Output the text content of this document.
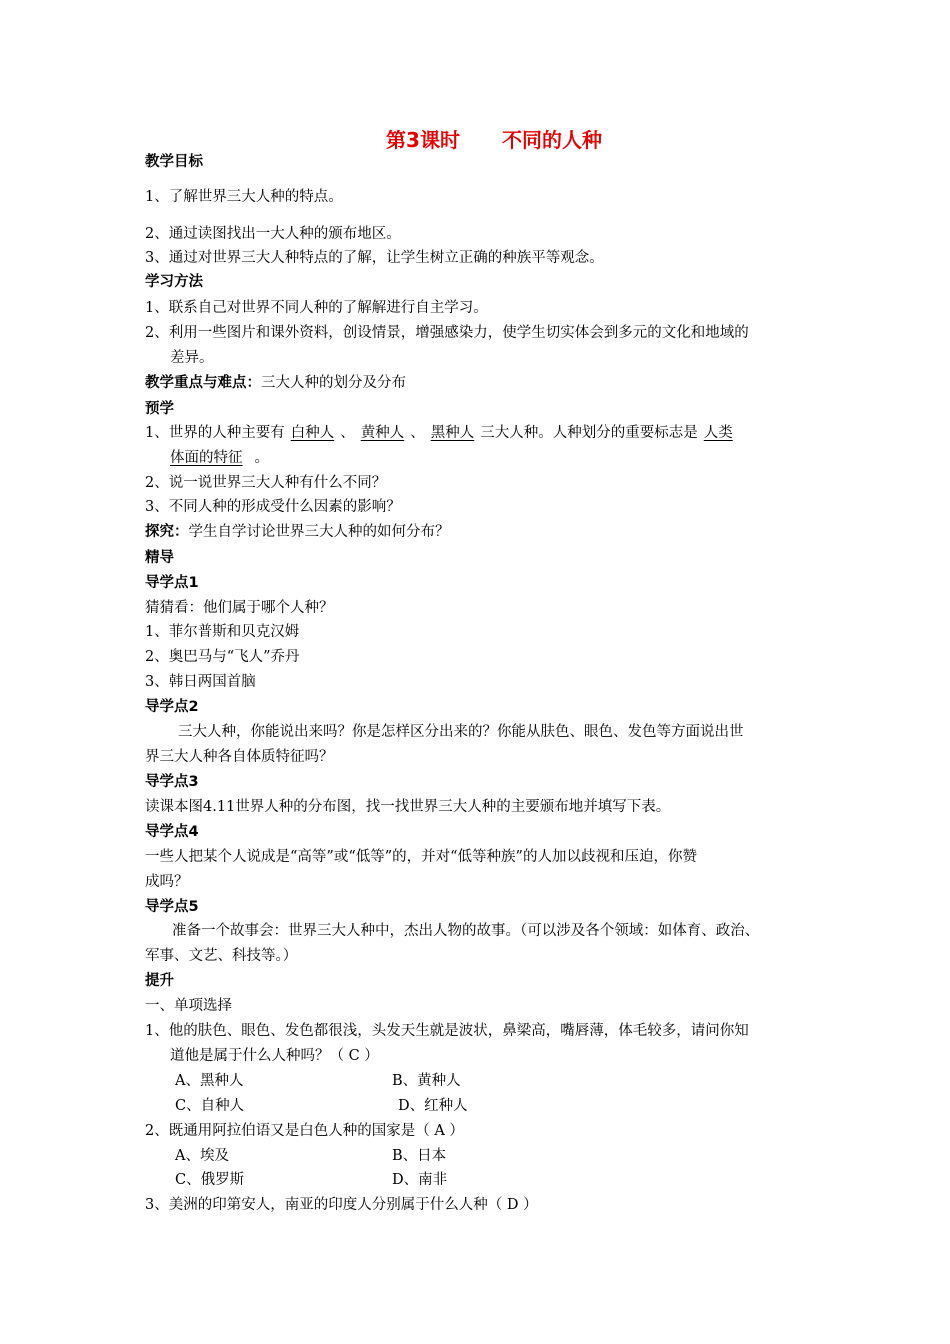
第3课时 不同的人种
教学目标
1、了解世界三大人种的特点。
2、通过读图找出一大人种的颁布地区。
3、通过对世界三大人种特点的了解，让学生树立正确的种族平等观念。
学习方法
1、联系自己对世界不同人种的了解解进行自主学习。
2、利用一些图片和课外资料，创设情景，增强感染力，使学生切实体会到多元的文化和地域的
差异。
教学重点与难点：三大人种的划分及分布
预学
1、世界的人种主要有 白种人 、 黄种人 、 黑种人 三大人种。人种划分的重要标志是 人类
体面的特征 。
2、说一说世界三大人种有什么不同？
3、不同人种的形成受什么因素的影响？
探究：学生自学讨论世界三大人种的如何分布？
精导
导学点1
猜猜看：他们属于哪个人种？
1、菲尔普斯和贝克汉姆
2、奥巴马与“飞人”乔丹
3、韩日两国首脑
导学点2
三大人种，你能说出来吗？你是怎样区分出来的？你能从肤色、眼色、发色等方面说出世
界三大人种各自体质特征吗？
导学点3
读课本图4.11世界人种的分布图，找一找世界三大人种的主要颁布地并填写下表。
导学点4
一些人把某个人说成是“高等”或“低等”的，并对“低等种族”的人加以歧视和压迫，你赞
成吗？
导学点5
准备一个故事会：世界三大人种中，杰出人物的故事。（可以涉及各个领域：如体育、政治、
军事、文艺、科技等。）
提升
一、单项选择
1、他的肤色、眼色、发色都很浅，头发天生就是波状，鼻梁高，嘴唇薄，体毛较多，请问你知
道他是属于什么人种吗？（ C ）
A、黑种人	B、黄种人
C、自种人	D、红种人
2、既通用阿拉伯语又是白色人种的国家是（ A ）
A、埃及	B、日本
C、俄罗斯	D、南非
3、美洲的印第安人，南亚的印度人分别属于什么人种（ D ）
